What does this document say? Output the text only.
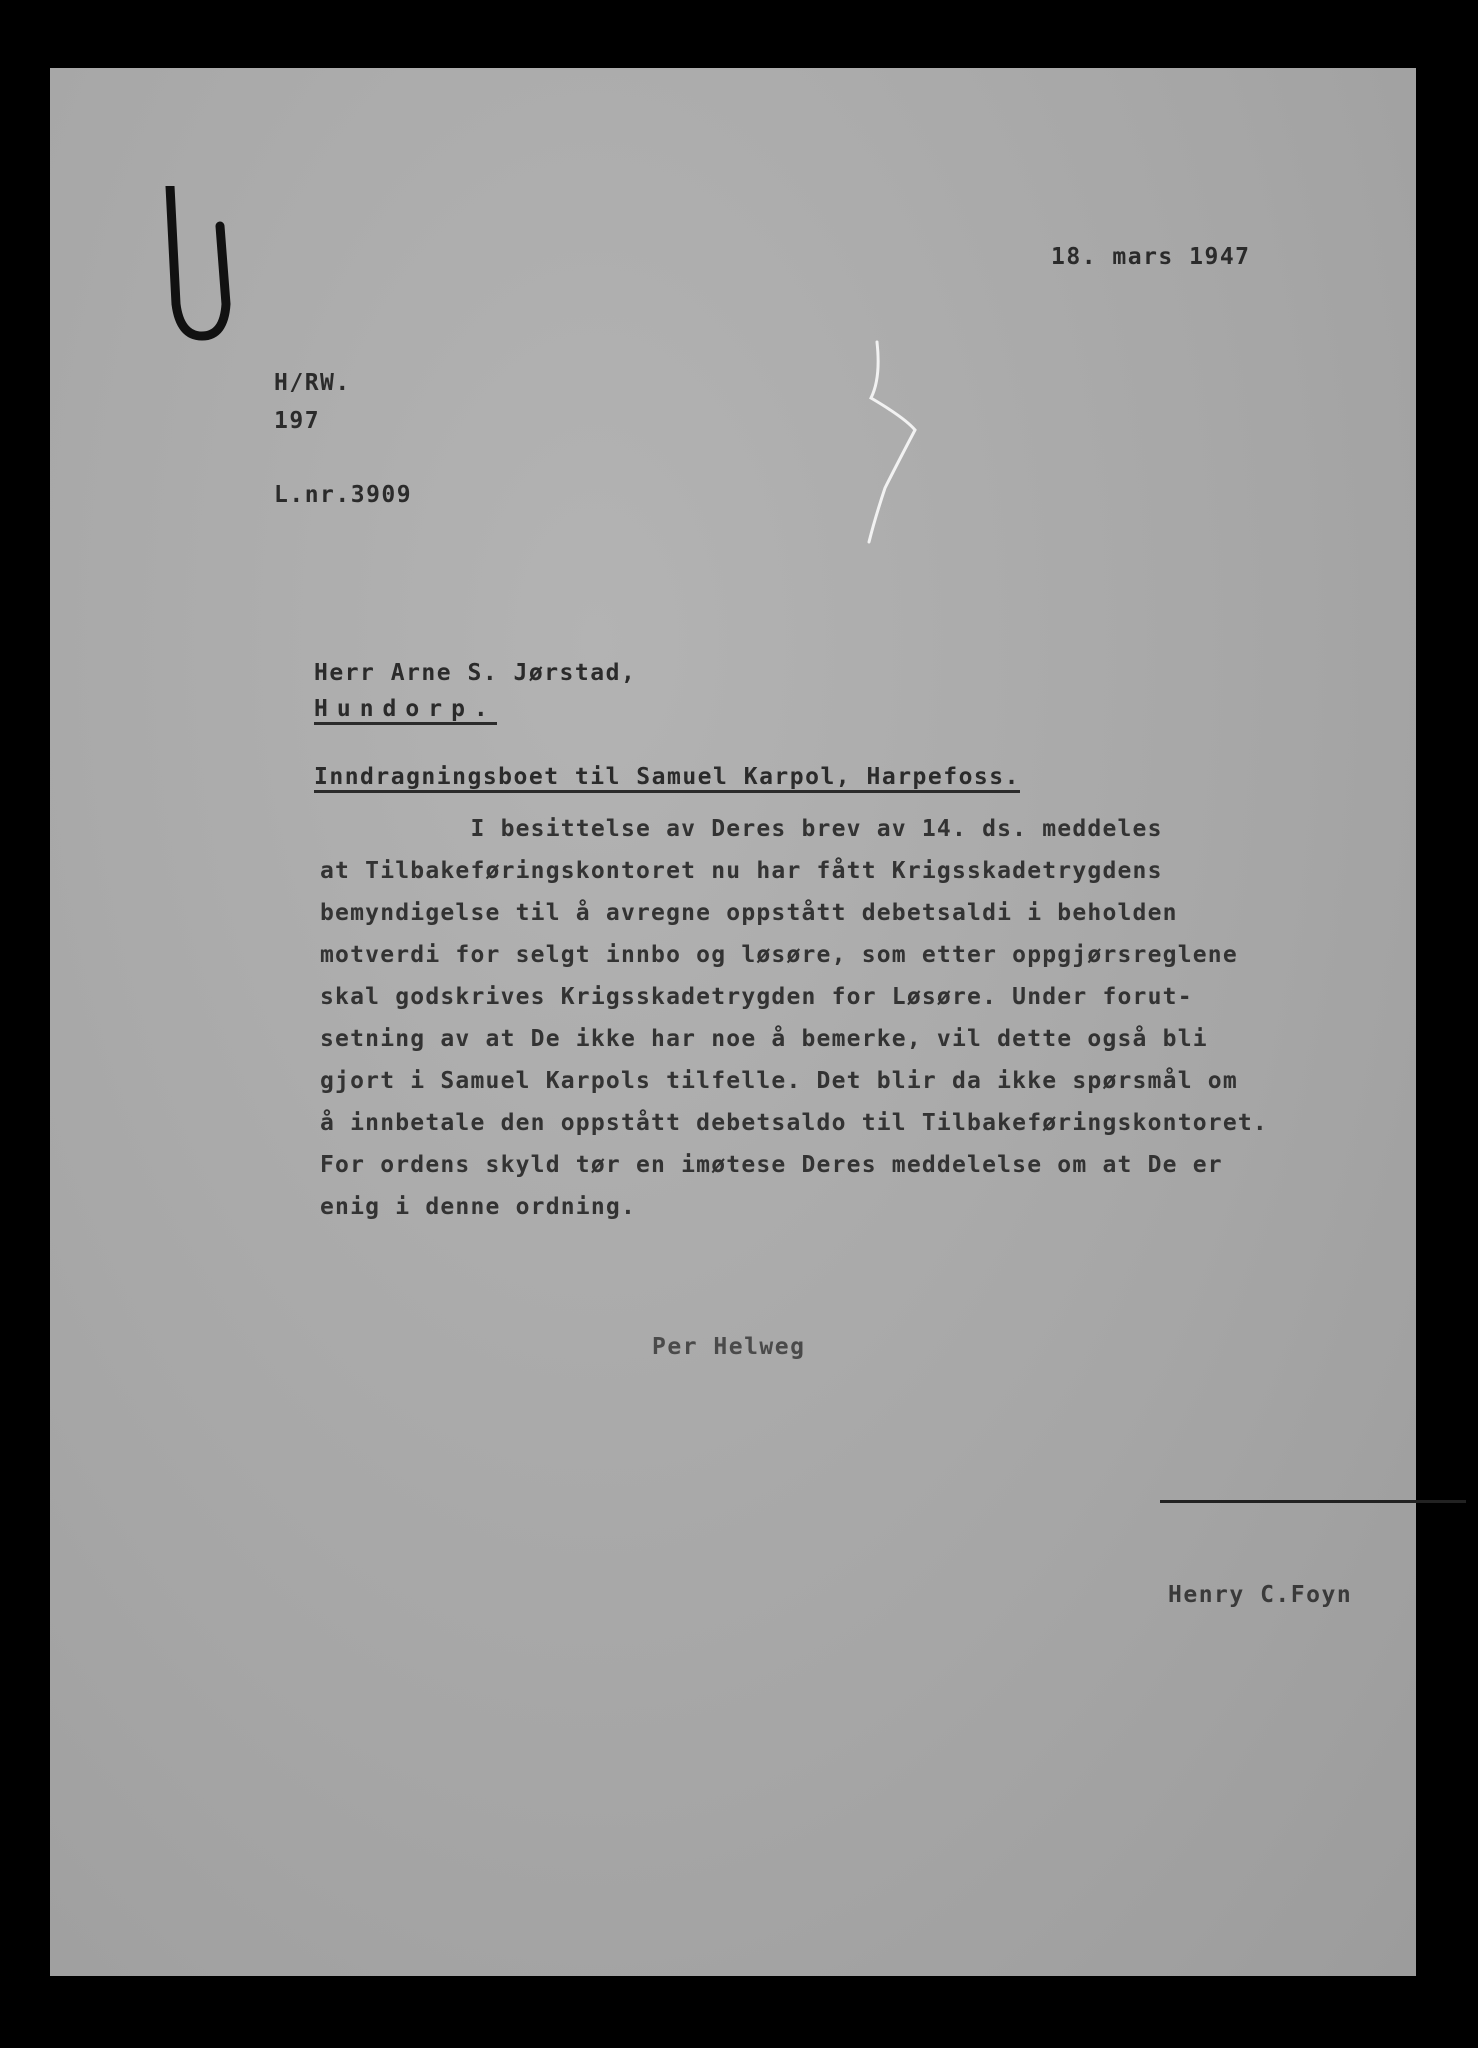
18. mars 1947
H/RW.
197
L.nr.3909
Herr Arne S. Jørstad,
Hundorp.
Inndragningsboet til Samuel Karpol, Harpefoss.
I besittelse av Deres brev av 14. ds. meddeles
at Tilbakeføringskontoret nu har fått Krigsskadetrygdens
bemyndigelse til å avregne oppstått debetsaldi i beholden
motverdi for selgt innbo og løsøre, som etter oppgjørsreglene
skal godskrives Krigsskadetrygden for Løsøre. Under forut-
setning av at De ikke har noe å bemerke, vil dette også bli
gjort i Samuel Karpols tilfelle. Det blir da ikke spørsmål om
å innbetale den oppstått debetsaldo til Tilbakeføringskontoret.
For ordens skyld tør en imøtese Deres meddelelse om at De er
enig i denne ordning.
Per Helweg
Henry C.Foyn
